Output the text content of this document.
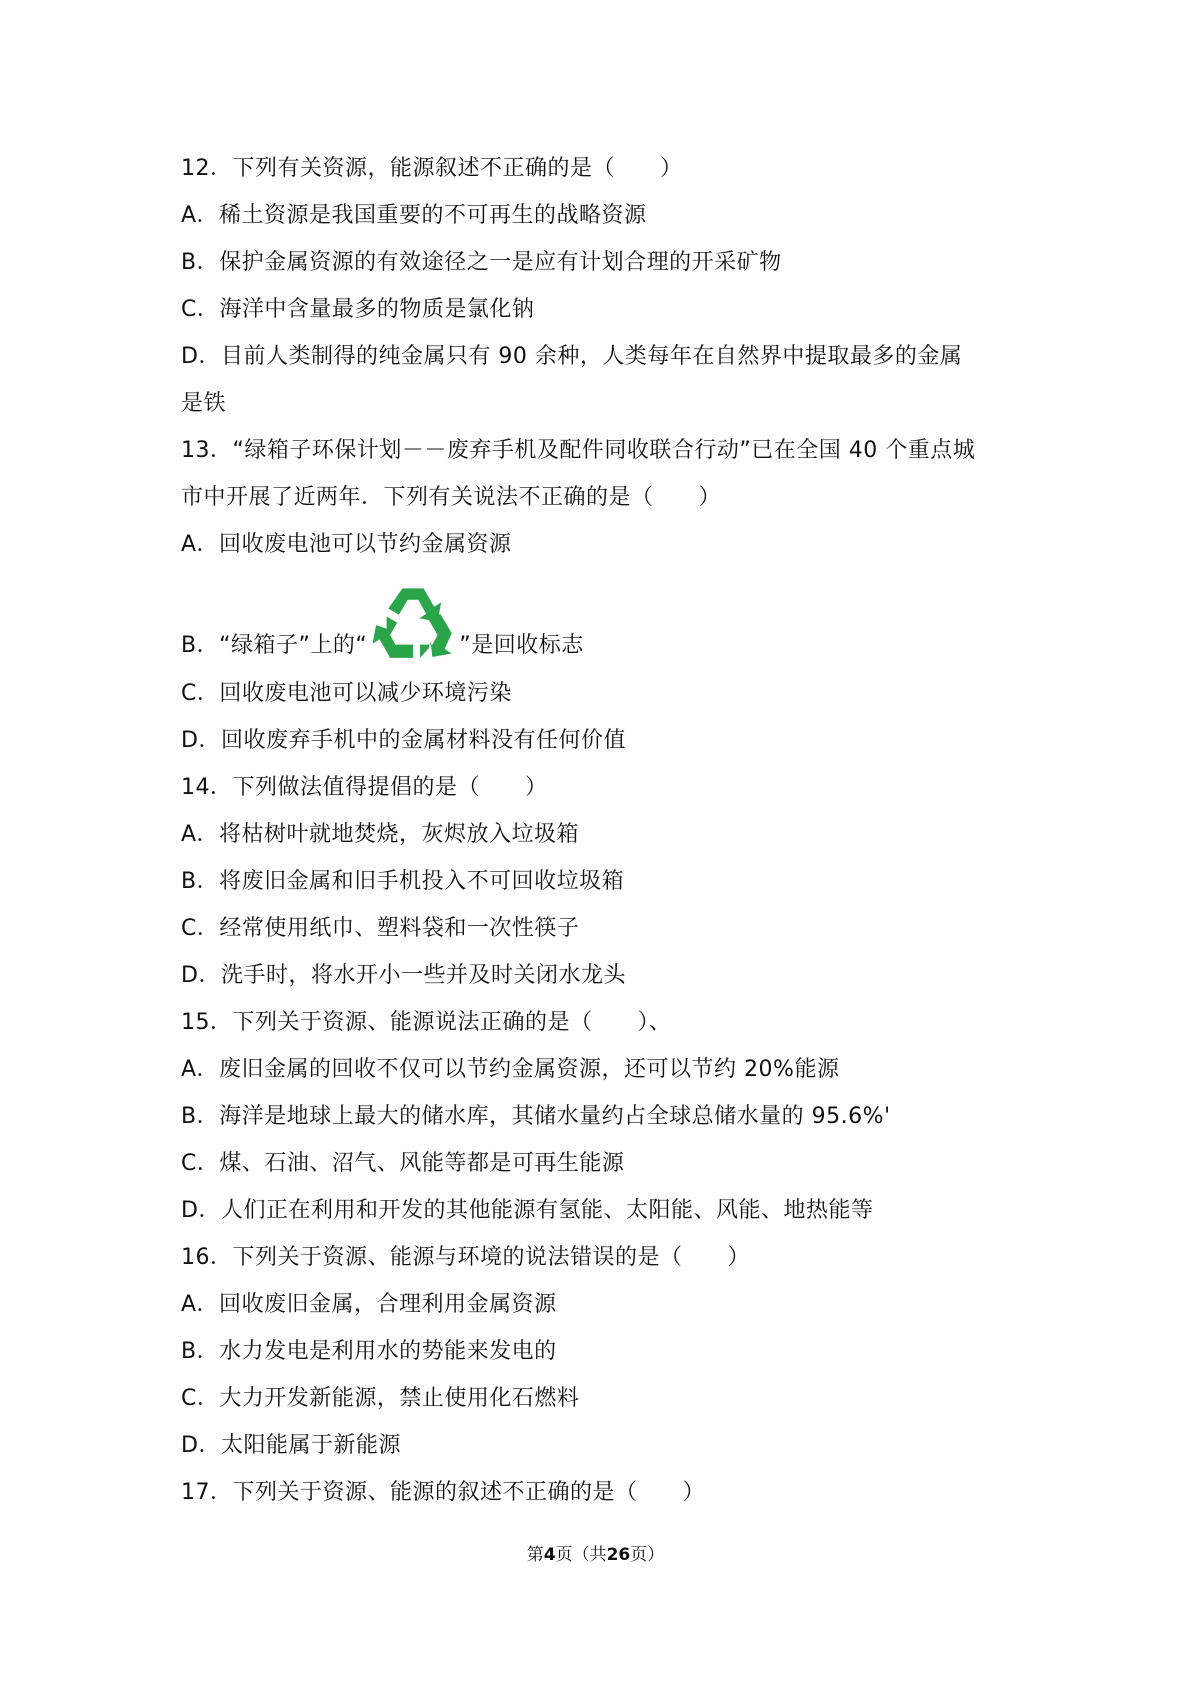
12．下列有关资源，能源叙述不正确的是（　　）
A．稀土资源是我国重要的不可再生的战略资源
B．保护金属资源的有效途径之一是应有计划合理的开采矿物
C．海洋中含量最多的物质是氯化钠
D．目前人类制得的纯金属只有 90 余种，人类每年在自然界中提取最多的金属
是铁
13．“绿箱子环保计划－－废弃手机及配件同收联合行动”已在全国 40 个重点城
市中开展了近两年．下列有关说法不正确的是（　　）
A．回收废电池可以节约金属资源
B．“绿箱子”上的“	”是回收标志
C．回收废电池可以减少环境污染
D．回收废弃手机中的金属材料没有任何价值
14．下列做法值得提倡的是（　　）
A．将枯树叶就地焚烧，灰烬放入垃圾箱
B．将废旧金属和旧手机投入不可回收垃圾箱
C．经常使用纸巾、塑料袋和一次性筷子
D．洗手时，将水开小一些并及时关闭水龙头
15．下列关于资源、能源说法正确的是（　　）、
A．废旧金属的回收不仅可以节约金属资源，还可以节约 20%能源
B．海洋是地球上最大的储水库，其储水量约占全球总储水量的 95.6%'
C．煤、石油、沼气、风能等都是可再生能源
D．人们正在利用和开发的其他能源有氢能、太阳能、风能、地热能等
16．下列关于资源、能源与环境的说法错误的是（　　）
A．回收废旧金属，合理利用金属资源
B．水力发电是利用水的势能来发电的
C．大力开发新能源，禁止使用化石燃料
D．太阳能属于新能源
17．下列关于资源、能源的叙述不正确的是（　　）
第4页（共26页）
